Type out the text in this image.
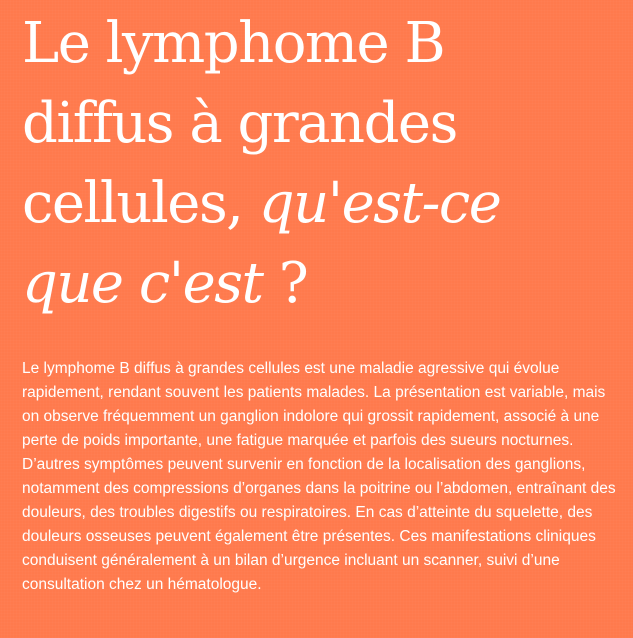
Le lymphome B
diffus à grandes
cellules, qu'est-ce
que c'est ?

Le lymphome B diffus à grandes cellules est une maladie agressive qui évolue rapidement, rendant souvent les patients malades. La présentation est variable, mais on observe fréquemment un ganglion indolore qui grossit rapidement, associé à une perte de poids importante, une fatigue marquée et parfois des sueurs nocturnes. D’autres symptômes peuvent survenir en fonction de la localisation des ganglions, notamment des compressions d’organes dans la poitrine ou l’abdomen, entraînant des douleurs, des troubles digestifs ou respiratoires. En cas d’atteinte du squelette, des douleurs osseuses peuvent également être présentes. Ces manifestations cliniques conduisent généralement à un bilan d’urgence incluant un scanner, suivi d’une consultation chez un hématologue.
